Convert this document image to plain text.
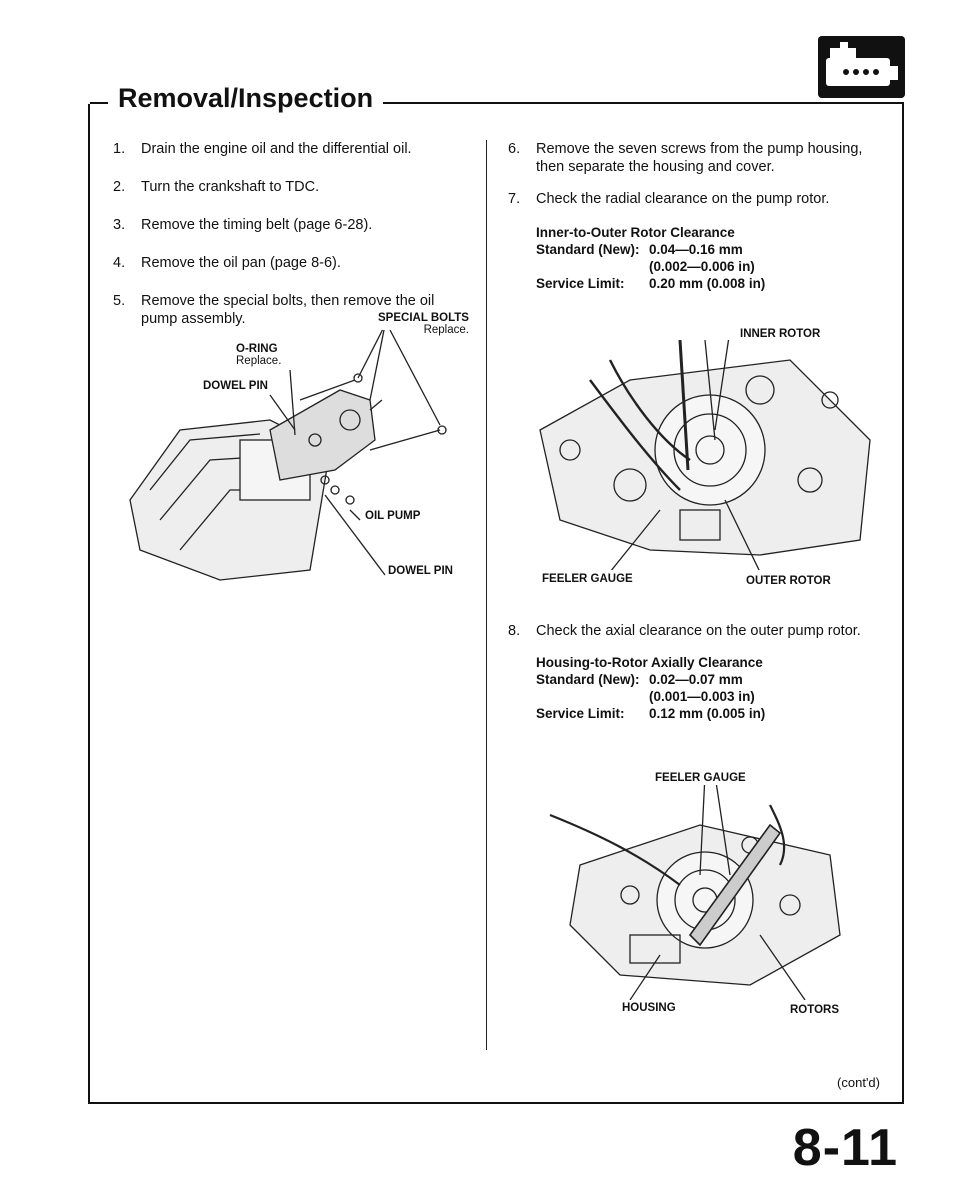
Removal/Inspection
1.	Drain the engine oil and the differential oil.
2.	Turn the crankshaft to TDC.
3.	Remove the timing belt (page 6-28).
4.	Remove the oil pan (page 8-6).
5.	Remove the special bolts, then remove the oil pump assembly.	SPECIAL BOLTS
Replace.
O-RING
Replace.
DOWEL PIN
OIL PUMP
DOWEL PIN
6.	Remove the seven screws from the pump housing, then separate the housing and cover.
7.	Check the radial clearance on the pump rotor.
Inner-to-Outer Rotor Clearance
Standard (New): 0.04—0.16 mm
(0.002—0.006 in)
Service Limit:	0.20 mm (0.008 in)
INNER ROTOR
FEELER GAUGE	OUTER ROTOR
8.	Check the axial clearance on the outer pump rotor.
Housing-to-Rotor Axially Clearance
Standard (New): 0.02—0.07 mm
(0.001—0.003 in)
Service Limit:	0.12 mm (0.005 in)
FEELER GAUGE
HOUSING	ROTORS
(cont'd)
8-11
